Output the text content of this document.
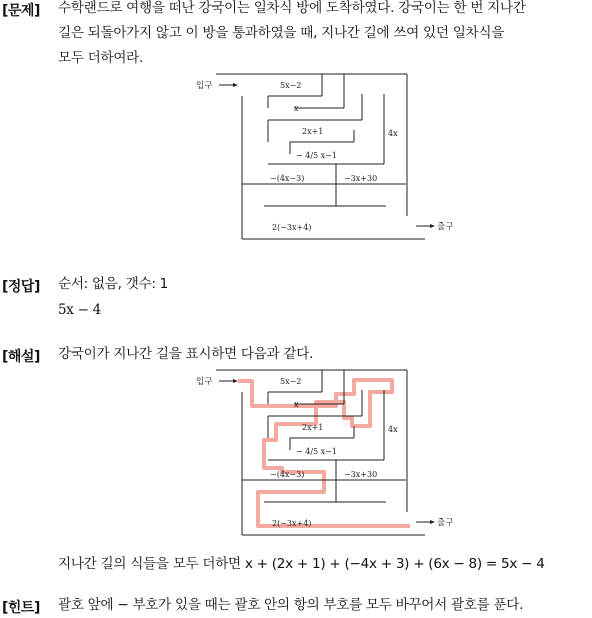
[문제] 수학랜드로 여행을 떠난 강국이는 일차식 방에 도착하였다. 강국이는 한 번 지나간
길은 되돌아가지 않고 이 방을 통과하였을 때, 지나간 길에 쓰여 있던 일차식을
모두 더하여라.
입구
출구
5x−2
x
2x+1	4x
− 4/5 x−1
−(4x−3)	−3x+30
2(−3x+4)
[정답] 순서: 없음, 갯수: 1
5x − 4
[해설] 강국이가 지나간 길을 표시하면 다음과 같다.
입구
출구
5x−2
x
2x+1	4x
− 4/5 x−1
−(4x−3)	−3x+30
2(−3x+4)
지나간 길의 식들을 모두 더하면 x + (2x + 1) + (−4x + 3) + (6x − 8) = 5x − 4
[힌트] 괄호 앞에 − 부호가 있을 때는 괄호 안의 항의 부호를 모두 바꾸어서 괄호를 푼다.
